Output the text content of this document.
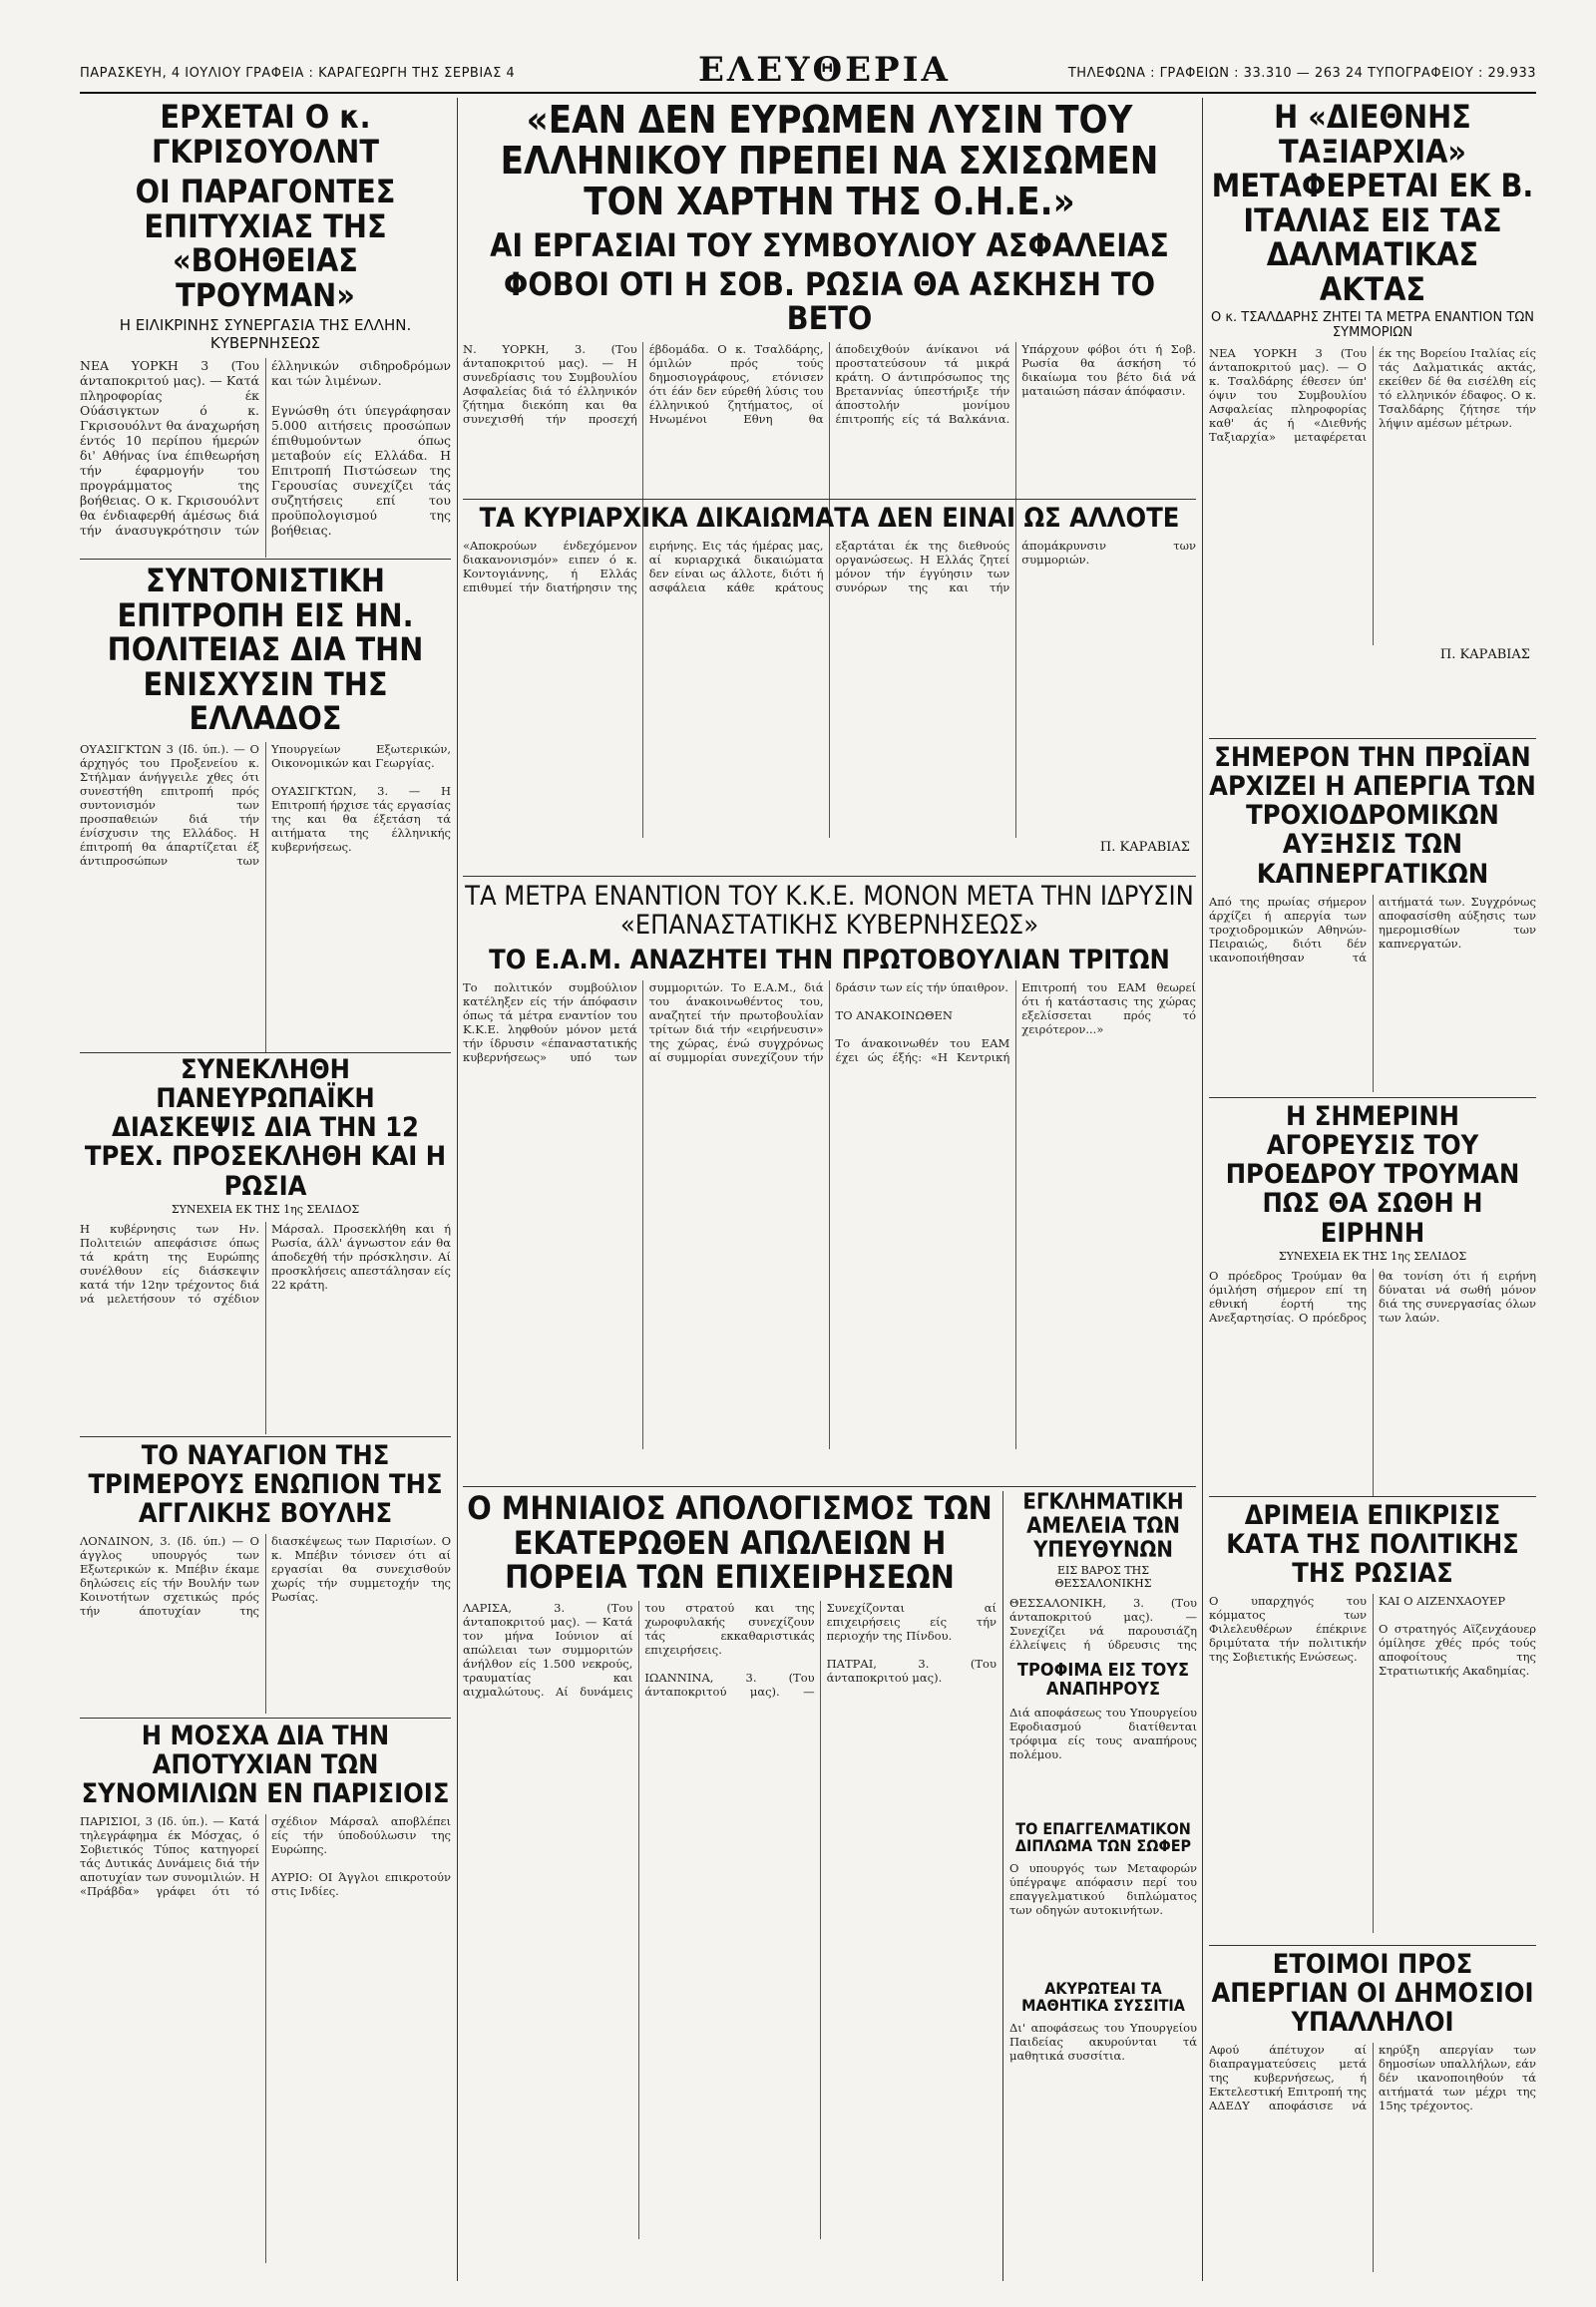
ΠΑΡΑΣΚΕΥΗ, 4 ΙΟΥΛΙΟΥ ΓΡΑΦΕΙΑ : ΚΑΡΑΓΕΩΡΓΗ ΤΗΣ ΣΕΡΒΙΑΣ 4	ΕΛΕΥΘΕΡΙΑ	ΤΗΛΕΦΩΝΑ : ΓΡΑΦΕΙΩΝ : 33.310 — 263 24 ΤΥΠΟΓΡΑΦΕΙΟΥ : 29.933
ΕΡΧΕΤΑΙ Ο κ. ΓΚΡΙΣΟΥΟΛΝΤ
ΟΙ ΠΑΡΑΓΟΝΤΕΣ ΕΠΙΤΥΧΙΑΣ ΤΗΣ «ΒΟΗΘΕΙΑΣ ΤΡΟΥΜΑΝ»
Η ΕΙΛΙΚΡΙΝΗΣ ΣΥΝΕΡΓΑΣΙΑ ΤΗΣ ΕΛΛΗΝ. ΚΥΒΕΡΝΗΣΕΩΣ
ΝΕΑ ΥΟΡΚΗ 3 (Του άνταποκριτού μας). — Κατά πληροφορίας έκ Ούάσιγκτων ό κ. Γκρισουόλντ θα άναχωρήση έντός 10 περίπου ήμερών δι' Αθήνας ίνα έπιθεωρήση τήν έφαρμογήν του προγράμματος της βοήθειας. Ο κ. Γκρισουόλντ θα ένδιαφερθή άμέσως διά τήν άνασυγκρότησιν τών έλληνικών σιδηροδρόμων και τών λιμένων.

Εγνώσθη ότι ύπεγράφησαν 5.000 αιτήσεις προσώπων έπιθυμούντων όπως μεταβούν είς Ελλάδα. Η Επιτροπή Πιστώσεων της Γερουσίας συνεχίζει τάς συζητήσεις επί του προϋπολογισμού της βοήθειας.
ΣΥΝΤΟΝΙΣΤΙΚΗ ΕΠΙΤΡΟΠΗ ΕΙΣ ΗΝ. ΠΟΛΙΤΕΙΑΣ ΔΙΑ ΤΗΝ ΕΝΙΣΧΥΣΙΝ ΤΗΣ ΕΛΛΑΔΟΣ
ΟΥΑΣΙΓΚΤΩΝ 3 (Ιδ. ύπ.). — Ο άρχηγός του Προξενείου κ. Στήλμαν άνήγγειλε χθες ότι συνεστήθη επιτροπή πρός συντονισμόν των προσπαθειών διά τήν ένίσχυσιν της Ελλάδος. Η έπιτροπή θα άπαρτίζεται έξ άντιπροσώπων των Υπουργείων Εξωτερικών, Οικονομικών και Γεωργίας.

ΟΥΑΣΙΓΚΤΩΝ, 3. — Η Επιτροπή ήρχισε τάς εργασίας της και θα έξετάση τά αιτήματα της έλληνικής κυβερνήσεως.
ΣΥΝΕΚΛΗΘΗ ΠΑΝΕΥΡΩΠΑΪΚΗ ΔΙΑΣΚΕΨΙΣ ΔΙΑ ΤΗΝ 12 ΤΡΕΧ. ΠΡΟΣΕΚΛΗΘΗ ΚΑΙ Η ΡΩΣΙΑ
ΣΥΝΕΧΕΙΑ ΕΚ ΤΗΣ 1ης ΣΕΛΙΔΟΣ
Η κυβέρνησις των Ην. Πολιτειών απεφάσισε όπως τά κράτη της Ευρώπης συνέλθουν είς διάσκεψιν κατά τήν 12ην τρέχοντος διά νά μελετήσουν τό σχέδιον Μάρσαλ. Προσεκλήθη και ή Ρωσία, άλλ' άγνωστον εάν θα άποδεχθή τήν πρόσκλησιν. Αί προσκλήσεις απεστάλησαν είς 22 κράτη.
ΤΟ ΝΑΥΑΓΙΟΝ ΤΗΣ ΤΡΙΜΕΡΟΥΣ ΕΝΩΠΙΟΝ ΤΗΣ ΑΓΓΛΙΚΗΣ ΒΟΥΛΗΣ
ΛΟΝΔΙΝΟΝ, 3. (Ιδ. ύπ.) — Ο άγγλος υπουργός των Εξωτερικών κ. Μπέβιν έκαμε δηλώσεις είς τήν Βουλήν των Κοινοτήτων σχετικώς πρός τήν άποτυχίαν της διασκέψεως των Παρισίων. Ο κ. Μπέβιν τόνισεν ότι αί εργασίαι θα συνεχισθούν χωρίς τήν συμμετοχήν της Ρωσίας.
Η ΜΟΣΧΑ ΔΙΑ ΤΗΝ ΑΠΟΤΥΧΙΑΝ ΤΩΝ ΣΥΝΟΜΙΛΙΩΝ ΕΝ ΠΑΡΙΣΙΟΙΣ
ΠΑΡΙΣΙΟΙ, 3 (Ιδ. ύπ.). — Κατά τηλεγράφημα έκ Μόσχας, ό Σοβιετικός Τύπος κατηγορεί τάς Δυτικάς Δυνάμεις διά τήν αποτυχίαν των συνομιλιών. Η «Πράβδα» γράφει ότι τό σχέδιον Μάρσαλ αποβλέπει είς τήν ύποδούλωσιν της Ευρώπης.

ΑΥΡΙΟ: ΟΙ Άγγλοι επικροτούν στις Ινδίες.
«ΕΑΝ ΔΕΝ ΕΥΡΩΜΕΝ ΛΥΣΙΝ ΤΟΥ ΕΛΛΗΝΙΚΟΥ ΠΡΕΠΕΙ ΝΑ ΣΧΙΣΩΜΕΝ ΤΟΝ ΧΑΡΤΗΝ ΤΗΣ Ο.Η.Ε.»
ΑΙ ΕΡΓΑΣΙΑΙ ΤΟΥ ΣΥΜΒΟΥΛΙΟΥ ΑΣΦΑΛΕΙΑΣ
ΦΟΒΟΙ ΟΤΙ Η ΣΟΒ. ΡΩΣΙΑ ΘΑ ΑΣΚΗΣΗ ΤΟ ΒΕΤΟ
Ν. ΥΟΡΚΗ, 3. (Του άνταποκριτού μας). — Η συνεδρίασις του Συμβουλίου Ασφαλείας διά τό έλληνικόν ζήτημα διεκόπη και θα συνεχισθή τήν προσεχή έβδομάδα. Ο κ. Τσαλδάρης, όμιλών πρός τούς δημοσιογράφους, ετόνισεν ότι έάν δεν εύρεθή λύσις του έλληνικού ζητήματος, οί Ηνωμένοι Εθνη θα άποδειχθούν άνίκανοι νά προστατεύσουν τά μικρά κράτη. Ο άντιπρόσωπος της Βρεταννίας ύπεστήριξε τήν άποστολήν μονίμου έπιτροπής είς τά Βαλκάνια. Υπάρχουν φόβοι ότι ή Σοβ. Ρωσία θα άσκήση τό δικαίωμα του βέτο διά νά ματαιώση πάσαν άπόφασιν.
ΤΑ ΚΥΡΙΑΡΧΙΚΑ ΔΙΚΑΙΩΜΑΤΑ ΔΕΝ ΕΙΝΑΙ ΩΣ ΑΛΛΟΤΕ
«Αποκρούων ένδεχόμενον διακανονισμόν» ειπεν ό κ. Κοντογιάννης, ή Ελλάς επιθυμεί τήν διατήρησιν της ειρήνης. Εις τάς ήμέρας μας, αί κυριαρχικά δικαιώματα δεν είναι ως άλλοτε, διότι ή ασφάλεια κάθε κράτους εξαρτάται έκ της διεθνούς οργανώσεως. Η Ελλάς ζητεί μόνον τήν έγγύησιν των συνόρων της και τήν άπομάκρυνσιν των συμμοριών.
Π. ΚΑΡΑΒΙΑΣ
ΤΑ ΜΕΤΡΑ ΕΝΑΝΤΙΟΝ ΤΟΥ Κ.Κ.Ε. ΜΟΝΟΝ ΜΕΤΑ ΤΗΝ ΙΔΡΥΣΙΝ «ΕΠΑΝΑΣΤΑΤΙΚΗΣ ΚΥΒΕΡΝΗΣΕΩΣ»
ΤΟ Ε.Α.Μ. ΑΝΑΖΗΤΕΙ ΤΗΝ ΠΡΩΤΟΒΟΥΛΙΑΝ ΤΡΙΤΩΝ
Το πολιτικόν συμβούλιον κατέληξεν είς τήν άπόφασιν όπως τά μέτρα εναντίον του Κ.Κ.Ε. ληφθούν μόνον μετά τήν ίδρυσιν «έπαναστατικής κυβερνήσεως» υπό των συμμοριτών. Το Ε.Α.Μ., διά του άνακοινωθέντος του, αναζητεί τήν πρωτοβουλίαν τρίτων διά τήν «ειρήνευσιν» της χώρας, ένώ συγχρόνως αί συμμορίαι συνεχίζουν τήν δράσιν των είς τήν ύπαιθρον.

ΤΟ ΑΝΑΚΟΙΝΩΘΕΝ

Το άνακοινωθέν του ΕΑΜ έχει ώς έξής: «Η Κεντρική Επιτροπή του ΕΑΜ θεωρεί ότι ή κατάστασις της χώρας εξελίσσεται πρός τό χειρότερον...»
Ο ΜΗΝΙΑΙΟΣ ΑΠΟΛΟΓΙΣΜΟΣ ΤΩΝ ΕΚΑΤΕΡΩΘΕΝ ΑΠΩΛΕΙΩΝ Η ΠΟΡΕΙΑ ΤΩΝ ΕΠΙΧΕΙΡΗΣΕΩΝ
ΛΑΡΙΣΑ, 3. (Του άνταποκριτού μας). — Κατά τον μήνα Ιούνιον αί απώλειαι των συμμοριτών άνήλθον είς 1.500 νεκρούς, τραυματίας και αιχμαλώτους. Αί δυνάμεις του στρατού και της χωροφυλακής συνεχίζουν τάς εκκαθαριστικάς επιχειρήσεις.

ΙΩΑΝΝΙΝΑ, 3. (Του άνταποκριτού μας). — Συνεχίζονται αί επιχειρήσεις είς τήν περιοχήν της Πίνδου.

ΠΑΤΡΑΙ, 3. (Του άνταποκριτού μας).
ΕΓΚΛΗΜΑΤΙΚΗ ΑΜΕΛΕΙΑ ΤΩΝ ΥΠΕΥΘΥΝΩΝ
ΕΙΣ ΒΑΡΟΣ ΤΗΣ ΘΕΣΣΑΛΟΝΙΚΗΣ
ΘΕΣΣΑΛΟΝΙΚΗ, 3. (Του άνταποκριτού μας). — Συνεχίζει νά παρουσιάζη έλλείψεις ή ύδρευσις της
ΤΡΟΦΙΜΑ ΕΙΣ ΤΟΥΣ ΑΝΑΠΗΡΟΥΣ
Διά αποφάσεως του Υπουργείου Εφοδιασμού διατίθενται τρόφιμα είς τους αναπήρους πολέμου.
ΤΟ ΕΠΑΓΓΕΛΜΑΤΙΚΟΝ ΔΙΠΛΩΜΑ ΤΩΝ ΣΩΦΕΡ
Ο υπουργός των Μεταφορών ύπέγραψε απόφασιν περί του επαγγελματικού διπλώματος των οδηγών αυτοκινήτων.
ΑΚΥΡΩΤΕΑΙ ΤΑ ΜΑΘΗΤΙΚΑ ΣΥΣΣΙΤΙΑ
Δι' αποφάσεως του Υπουργείου Παιδείας ακυρούνται τά μαθητικά συσσίτια.
Η «ΔΙΕΘΝΗΣ ΤΑΞΙΑΡΧΙΑ» ΜΕΤΑΦΕΡΕΤΑΙ ΕΚ Β. ΙΤΑΛΙΑΣ ΕΙΣ ΤΑΣ ΔΑΛΜΑΤΙΚΑΣ ΑΚΤΑΣ
Ο κ. ΤΣΑΛΔΑΡΗΣ ΖΗΤΕΙ ΤΑ ΜΕΤΡΑ ΕΝΑΝΤΙΟΝ ΤΩΝ ΣΥΜΜΟΡΙΩΝ
ΝΕΑ ΥΟΡΚΗ 3 (Του άνταποκριτού μας). — Ο κ. Τσαλδάρης έθεσεν ύπ' όψιν του Συμβουλίου Ασφαλείας πληροφορίας καθ' άς ή «Διεθνής Ταξιαρχία» μεταφέρεται έκ της Βορείου Ιταλίας είς τάς Δαλματικάς ακτάς, εκείθεν δέ θα εισέλθη είς τό ελληνικόν έδαφος. Ο κ. Τσαλδάρης ζήτησε τήν λήψιν αμέσων μέτρων.
Π. ΚΑΡΑΒΙΑΣ
ΣΗΜΕΡΟΝ ΤΗΝ ΠΡΩΪΑΝ ΑΡΧΙΖΕΙ Η ΑΠΕΡΓΙΑ ΤΩΝ ΤΡΟΧΙΟΔΡΟΜΙΚΩΝ ΑΥΞΗΣΙΣ ΤΩΝ ΚΑΠΝΕΡΓΑΤΙΚΩΝ
Από της πρωίας σήμερον άρχίζει ή απεργία των τροχιοδρομικών Αθηνών-Πειραιώς, διότι δέν ικανοποιήθησαν τά αιτήματά των. Συγχρόνως αποφασίσθη αύξησις των ημερομισθίων των καπνεργατών.
Η ΣΗΜΕΡΙΝΗ ΑΓΟΡΕΥΣΙΣ ΤΟΥ ΠΡΟΕΔΡΟΥ ΤΡΟΥΜΑΝ ΠΩΣ ΘΑ ΣΩΘΗ Η ΕΙΡΗΝΗ
ΣΥΝΕΧΕΙΑ ΕΚ ΤΗΣ 1ης ΣΕΛΙΔΟΣ
Ο πρόεδρος Τρούμαν θα όμιλήση σήμερον επί τη εθνική έορτή της Ανεξαρτησίας. Ο πρόεδρος θα τονίση ότι ή ειρήνη δύναται νά σωθή μόνον διά της συνεργασίας όλων των λαών.
ΔΡΙΜΕΙΑ ΕΠΙΚΡΙΣΙΣ ΚΑΤΑ ΤΗΣ ΠΟΛΙΤΙΚΗΣ ΤΗΣ ΡΩΣΙΑΣ
Ο υπαρχηγός του κόμματος των Φιλελευθέρων έπέκρινε δριμύτατα τήν πολιτικήν της Σοβιετικής Ενώσεως.

ΚΑΙ Ο ΑΙΖΕΝΧΑΟΥΕΡ

Ο στρατηγός Αϊζενχάουερ όμίλησε χθές πρός τούς αποφοίτους της Στρατιωτικής Ακαδημίας.
ΕΤΟΙΜΟΙ ΠΡΟΣ ΑΠΕΡΓΙΑΝ ΟΙ ΔΗΜΟΣΙΟΙ ΥΠΑΛΛΗΛΟΙ
Αφού άπέτυχον αί διαπραγματεύσεις μετά της κυβερνήσεως, ή Εκτελεστική Επιτροπή της ΑΔΕΔΥ αποφάσισε νά κηρύξη απεργίαν των δημοσίων υπαλλήλων, εάν δέν ικανοποιηθούν τά αιτήματά των μέχρι της 15ης τρέχοντος.
